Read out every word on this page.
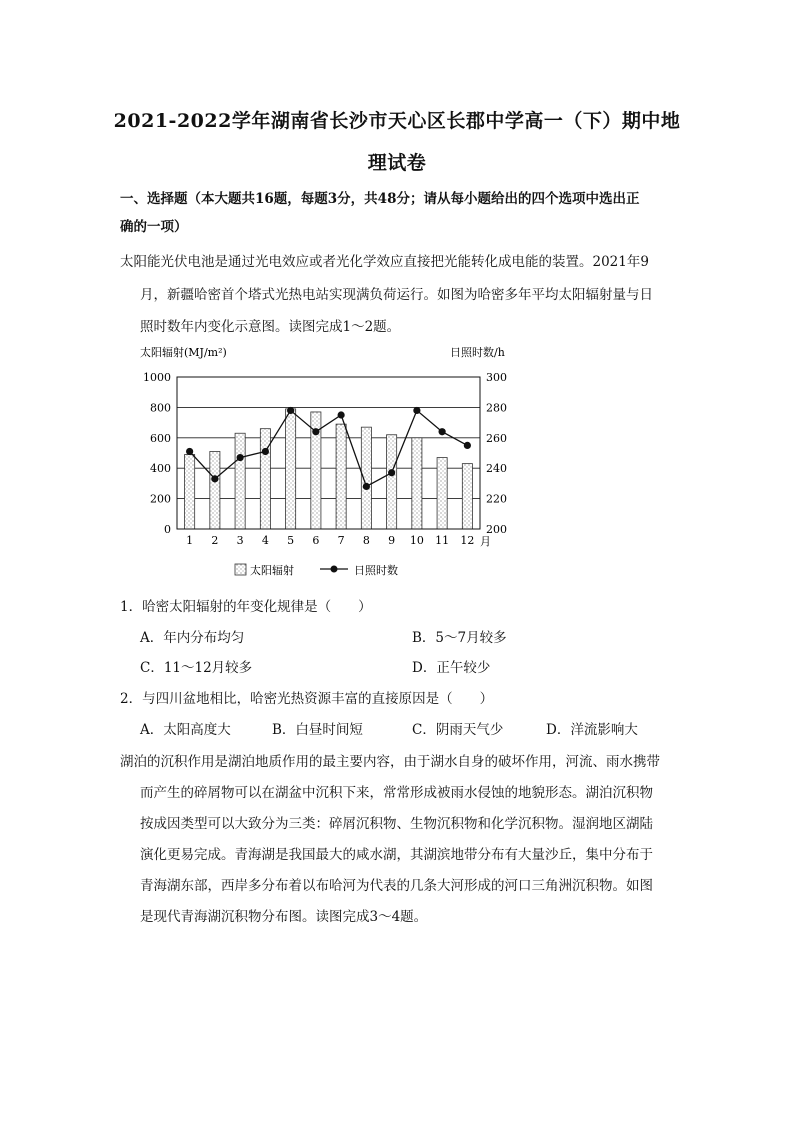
2021-2022学年湖南省长沙市天心区长郡中学高一（下）期中地
理试卷
一、选择题（本大题共16题，每题3分，共48分；请从每小题给出的四个选项中选出正
确的一项）
太阳能光伏电池是通过光电效应或者光化学效应直接把光能转化成电能的装置。2021年9
月，新疆哈密首个塔式光热电站实现满负荷运行。如图为哈密多年平均太阳辐射量与日
照时数年内变化示意图。读图完成1～2题。
太阳辐射(MJ/m²)	日照时数/h
0
200
400
600
800
1000
200
220
240
260
280
300
1 2 3 4 5 6 7 8 9 10 11 12 月
太阳辐射	日照时数
1．哈密太阳辐射的年变化规律是（　　）
A．年内分布均匀	B．5～7月较多
C．11～12月较多	D．正午较少
2．与四川盆地相比，哈密光热资源丰富的直接原因是（　　）
A．太阳高度大	B．白昼时间短	C．阴雨天气少	D．洋流影响大
湖泊的沉积作用是湖泊地质作用的最主要内容，由于湖水自身的破坏作用，河流、雨水携带
而产生的碎屑物可以在湖盆中沉积下来，常常形成被雨水侵蚀的地貌形态。湖泊沉积物
按成因类型可以大致分为三类：碎屑沉积物、生物沉积物和化学沉积物。湿润地区湖陆
演化更易完成。青海湖是我国最大的咸水湖，其湖滨地带分布有大量沙丘，集中分布于
青海湖东部，西岸多分布着以布哈河为代表的几条大河形成的河口三角洲沉积物。如图
是现代青海湖沉积物分布图。读图完成3～4题。
